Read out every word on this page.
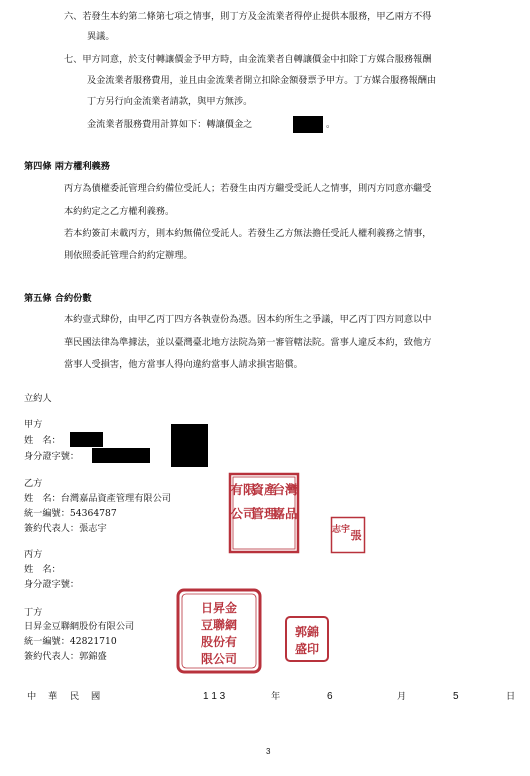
六、若發生本約第二條第七項之情事，則丁方及金流業者得停止提供本服務，甲乙兩方不得
異議。
七、甲方同意，於支付轉讓價金予甲方時，由金流業者自轉讓價金中扣除丁方媒合服務報酬
及金流業者服務費用，並且由金流業者開立扣除金額發票予甲方。丁方媒合服務報酬由
丁方另行向金流業者請款，與甲方無涉。
金流業者服務費用計算如下：轉讓價金之	。
第四條 兩方權利義務
丙方為債權委託管理合約備位受託人；若發生由丙方繼受受託人之情事，則丙方同意亦繼受
本約約定之乙方權利義務。
若本約簽訂未載丙方，則本約無備位受託人。若發生乙方無法擔任受託人權利義務之情事，
則依照委託管理合約約定辦理。
第五條 合約份數
本約壹式肆份，由甲乙丙丁四方各執壹份為憑。因本約所生之爭議，甲乙丙丁四方同意以中
華民國法律為準據法，並以臺灣臺北地方法院為第一審管轄法院。當事人違反本約，致他方
當事人受損害，他方當事人得向違約當事人請求損害賠償。
立約人
甲方
姓　名：
身分證字號：
乙方
姓　名：台灣嘉品資產管理有限公司
統一編號：54364787
簽約代表人：張志宇
台灣
嘉品
資產
管理
有限
公司
張
志宇
丙方
姓　名：
身分證字號：
丁方
日昇金豆聯網股份有限公司
統一編號：42821710
簽約代表人：郭錦盛
日昇金
豆聯網
股份有
限公司
郭錦
盛印
中 華 民 國	1 1 3	年	6	月	5	日
3
